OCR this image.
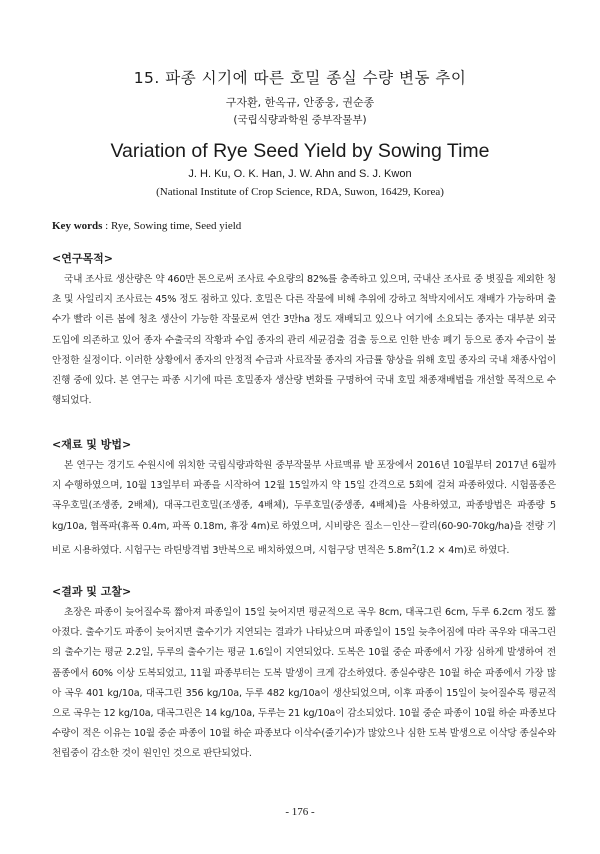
15. 파종 시기에 따른 호밀 종실 수량 변동 추이
구자환, 한옥규, 안종웅, 권순종
(국립식량과학원 중부작물부)
Variation of Rye Seed Yield by Sowing Time
J. H. Ku, O. K. Han, J. W. Ahn and S. J. Kwon
(National Institute of Crop Science, RDA, Suwon, 16429, Korea)
Key words : Rye, Sowing time, Seed yield
<연구목적>
국내 조사료 생산량은 약 460만 톤으로써 조사료 수요량의 82%를 충족하고 있으며, 국내산 조사료 중 볏짚을 제외한 청초 및 사일리지 조사료는 45% 정도 점하고 있다. 호밀은 다른 작물에 비해 추위에 강하고 척박지에서도 재배가 가능하며 출수가 빨라 이른 봄에 청초 생산이 가능한 작물로써 연간 3만ha 정도 재배되고 있으나 여기에 소요되는 종자는 대부분 외국 도입에 의존하고 있어 종자 수출국의 작황과 수입 종자의 관리 세균검출 검출 등으로 인한 반송 폐기 등으로 종자 수급이 불안정한 실정이다. 이러한 상황에서 종자의 안정적 수급과 사료작물 종자의 자급률 향상을 위해 호밀 종자의 국내 채종사업이 진행 중에 있다. 본 연구는 파종 시기에 따른 호밀종자 생산량 변화를 구명하여 국내 호밀 채종재배법을 개선할 목적으로 수행되었다.
<재료 및 방법>
본 연구는 경기도 수원시에 위치한 국립식량과학원 중부작물부 사료맥류 밭 포장에서 2016년 10월부터 2017년 6월까지 수행하였으며, 10월 13일부터 파종을 시작하여 12월 15일까지 약 15일 간격으로 5회에 걸쳐 파종하였다. 시험품종은 곡우호밀(조생종, 2배체), 대곡그린호밀(조생종, 4배체), 두루호밀(중생종, 4배체)을 사용하였고, 파종방법은 파종량 5 kg/10a, 협폭파(휴폭 0.4m, 파폭 0.18m, 휴장 4m)로 하였으며, 시비량은 질소－인산－칼리(60-90-70kg/ha)을 전량 기비로 시용하였다. 시험구는 라틴방격법 3반복으로 배치하였으며, 시험구당 면적은 $5.8m^2(1.2 \times 4m)$로 하였다.
<결과 및 고찰>
초장은 파종이 늦어질수록 짧아져 파종일이 15일 늦어지면 평균적으로 곡우 8cm, 대곡그린 6cm, 두루 6.2cm 정도 짧아졌다. 출수기도 파종이 늦어지면 출수기가 지연되는 결과가 나타났으며 파종일이 15일 늦추어짐에 따라 곡우와 대곡그린의 출수기는 평균 2.2일, 두루의 출수기는 평균 1.6일이 지연되었다. 도복은 10월 중순 파종에서 가장 심하게 발생하여 전 품종에서 60% 이상 도복되었고, 11월 파종부터는 도복 발생이 크게 감소하였다. 종실수량은 10월 하순 파종에서 가장 많아 곡우 401 kg/10a, 대곡그린 356 kg/10a, 두루 482 kg/10a이 생산되었으며, 이후 파종이 15일이 늦어질수록 평균적으로 곡우는 12 kg/10a, 대곡그린은 14 kg/10a, 두루는 21 kg/10a이 감소되었다. 10월 중순 파종이 10월 하순 파종보다 수량이 적은 이유는 10월 중순 파종이 10월 하순 파종보다 이삭수(줄기수)가 많았으나 심한 도복 발생으로 이삭당 종실수와 천립중이 감소한 것이 원인인 것으로 판단되었다.
- 176 -
